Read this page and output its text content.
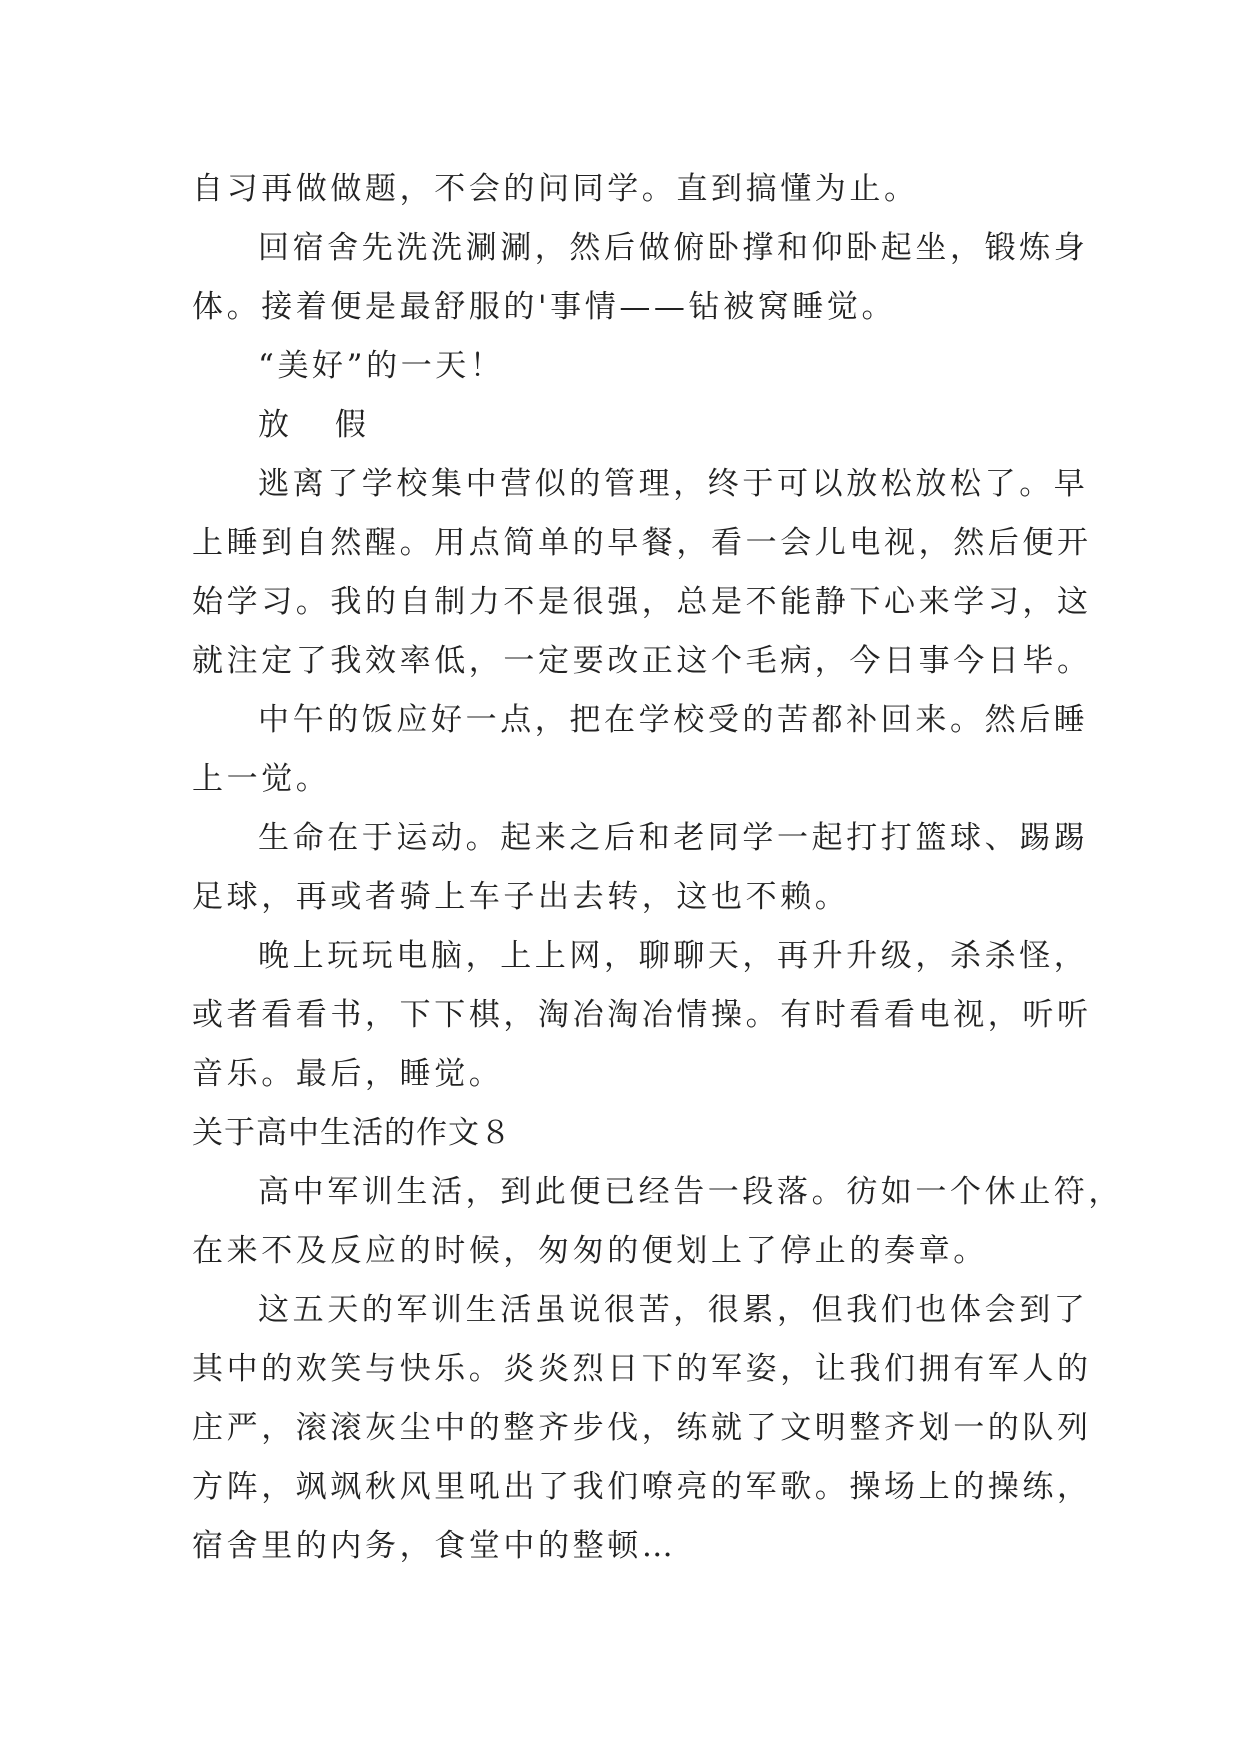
自习再做做题，不会的问同学。直到搞懂为止。

回宿舍先洗洗涮涮，然后做俯卧撑和仰卧起坐，锻炼身

体。接着便是最舒服的'事情——钻被窝睡觉。

“美好”的一天！

放 假

逃离了学校集中营似的管理，终于可以放松放松了。早

上睡到自然醒。用点简单的早餐，看一会儿电视，然后便开

始学习。我的自制力不是很强，总是不能静下心来学习，这

就注定了我效率低，一定要改正这个毛病，今日事今日毕。

中午的饭应好一点，把在学校受的苦都补回来。然后睡

上一觉。

生命在于运动。起来之后和老同学一起打打篮球、踢踢

足球，再或者骑上车子出去转，这也不赖。

晚上玩玩电脑，上上网，聊聊天，再升升级，杀杀怪，

或者看看书，下下棋，淘冶淘冶情操。有时看看电视，听听

音乐。最后，睡觉。

关于高中生活的作文８

高中军训生活，到此便已经告一段落。彷如一个休止符，

在来不及反应的时候，匆匆的便划上了停止的奏章。

这五天的军训生活虽说很苦，很累，但我们也体会到了

其中的欢笑与快乐。炎炎烈日下的军姿，让我们拥有军人的

庄严，滚滚灰尘中的整齐步伐，练就了文明整齐划一的队列

方阵，飒飒秋风里吼出了我们嘹亮的军歌。操场上的操练，

宿舍里的内务，食堂中的整顿…
